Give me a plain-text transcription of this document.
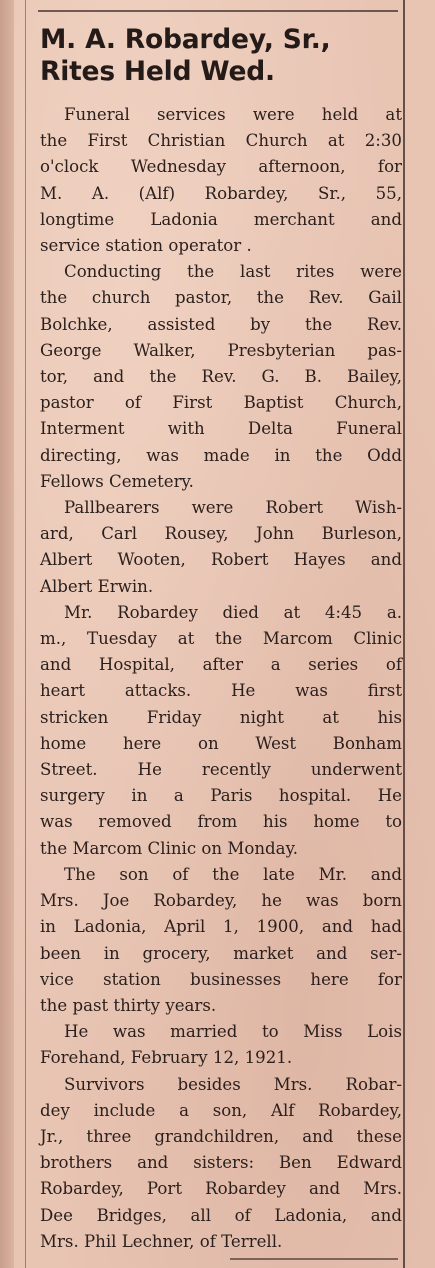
M. A. Robardey, Sr.,
Rites Held Wed.

Funeral services were held at
the First Christian Church at 2:30
o'clock Wednesday afternoon, for
M. A. (Alf) Robardey, Sr., 55,
longtime Ladonia merchant and
service station operator .

Conducting the last rites were
the church pastor, the Rev. Gail
Bolchke, assisted by the Rev.
George Walker, Presbyterian pas-
tor, and the Rev. G. B. Bailey,
pastor of First Baptist Church,
Interment with Delta Funeral
directing, was made in the Odd
Fellows Cemetery.

Pallbearers were Robert Wish-
ard, Carl Rousey, John Burleson,
Albert Wooten, Robert Hayes and
Albert Erwin.

Mr. Robardey died at 4:45 a.
m., Tuesday at the Marcom Clinic
and Hospital, after a series of
heart attacks. He was first
stricken Friday night at his
home here on West Bonham
Street. He recently underwent
surgery in a Paris hospital. He
was removed from his home to
the Marcom Clinic on Monday.

The son of the late Mr. and
Mrs. Joe Robardey, he was born
in Ladonia, April 1, 1900, and had
been in grocery, market and ser-
vice station businesses here for
the past thirty years.

He was married to Miss Lois
Forehand, February 12, 1921.

Survivors besides Mrs. Robar-
dey include a son, Alf Robardey,
Jr., three grandchildren, and these
brothers and sisters: Ben Edward
Robardey, Port Robardey and Mrs.
Dee Bridges, all of Ladonia, and
Mrs. Phil Lechner, of Terrell.
